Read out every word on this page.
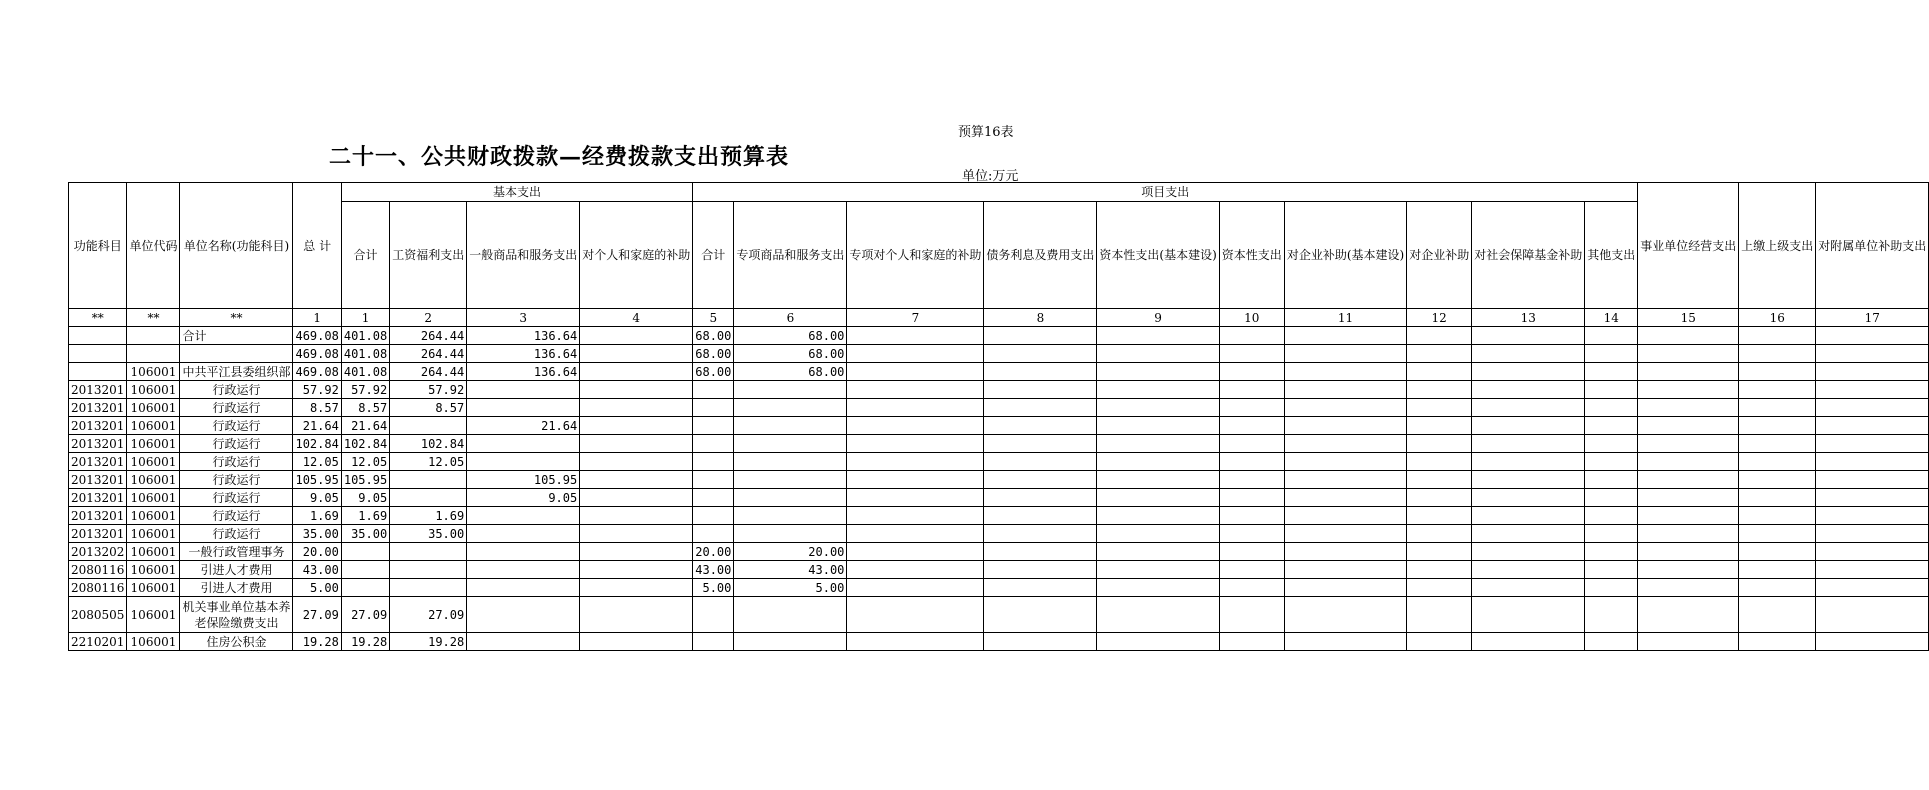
预算16表
二十一、公共财政拨款—经费拨款支出预算表
单位:万元
功能科目	单位代码	单位名称(功能科目)	总 计	基本支出				项目支出										事业单位经营支出	上缴上级支出	对附属单位补助支出
				合计	工资福利支出	一般商品和服务支出	对个人和家庭的补助	合计	专项商品和服务支出	专项对个人和家庭的补助	债务利息及费用支出	资本性支出(基本建设)	资本性支出	对企业补助(基本建设)	对企业补助	对社会保障基金补助	其他支出			
**	**	**	1	1	2	3	4	5	6	7	8	9	10	11	12	13	14	15	16	17
		合计	469.08	401.08	264.44	136.64		68.00	68.00											
			469.08	401.08	264.44	136.64		68.00	68.00											
	106001	中共平江县委组织部	469.08	401.08	264.44	136.64		68.00	68.00											
2013201	106001	行政运行	57.92	57.92	57.92															
2013201	106001	行政运行	8.57	8.57	8.57															
2013201	106001	行政运行	21.64	21.64		21.64														
2013201	106001	行政运行	102.84	102.84	102.84															
2013201	106001	行政运行	12.05	12.05	12.05															
2013201	106001	行政运行	105.95	105.95		105.95														
2013201	106001	行政运行	9.05	9.05		9.05														
2013201	106001	行政运行	1.69	1.69	1.69															
2013201	106001	行政运行	35.00	35.00	35.00															
2013202	106001	一般行政管理事务	20.00					20.00	20.00											
2080116	106001	引进人才费用	43.00					43.00	43.00											
2080116	106001	引进人才费用	5.00					5.00	5.00											
2080505	106001	机关事业单位基本养老保险缴费支出	27.09	27.09	27.09															
2210201	106001	住房公积金	19.28	19.28	19.28															
